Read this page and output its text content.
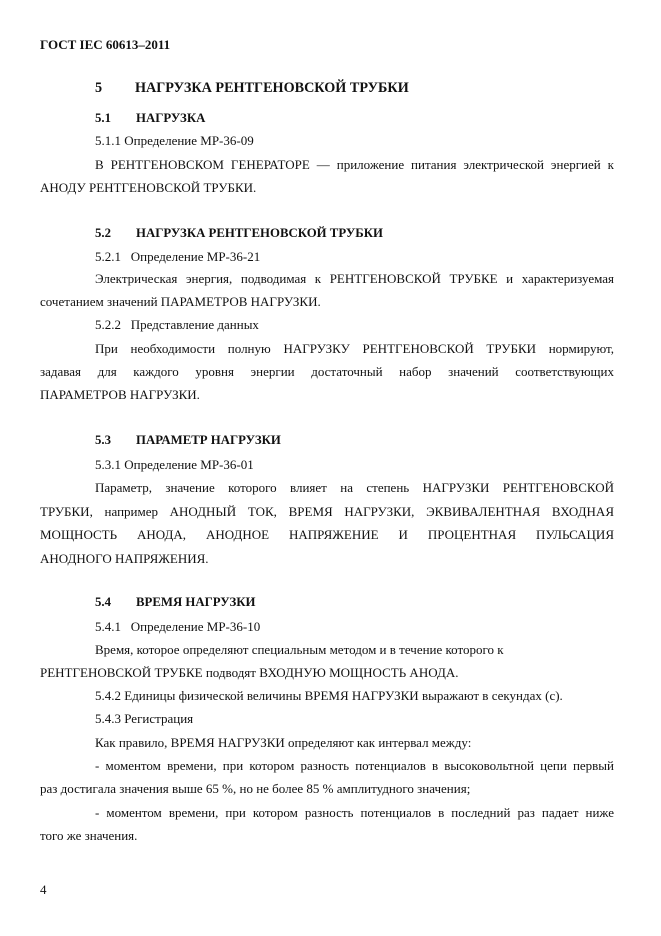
ГОСТ IEC 60613–2011
5 НАГРУЗКА РЕНТГЕНОВСКОЙ ТРУБКИ
5.1 НАГРУЗКА
5.1.1 Определение МР-36-09
В РЕНТГЕНОВСКОМ ГЕНЕРАТОРЕ — приложение питания электрической энергией к
АНОДУ РЕНТГЕНОВСКОЙ ТРУБКИ.
5.2 НАГРУЗКА РЕНТГЕНОВСКОЙ ТРУБКИ
5.2.1   Определение МР-36-21
Электрическая энергия, подводимая к РЕНТГЕНОВСКОЙ ТРУБКЕ и характеризуемая
сочетанием значений ПАРАМЕТРОВ НАГРУЗКИ.
5.2.2   Представление данных
При необходимости полную НАГРУЗКУ РЕНТГЕНОВСКОЙ ТРУБКИ нормируют,
задавая для каждого уровня энергии достаточный набор значений соответствующих
ПАРАМЕТРОВ НАГРУЗКИ.
5.3 ПАРАМЕТР НАГРУЗКИ
5.3.1 Определение МР-36-01
Параметр, значение которого влияет на степень НАГРУЗКИ РЕНТГЕНОВСКОЙ
ТРУБКИ, например АНОДНЫЙ ТОК, ВРЕМЯ НАГРУЗКИ, ЭКВИВАЛЕНТНАЯ ВХОДНАЯ
МОЩНОСТЬ АНОДА, АНОДНОЕ НАПРЯЖЕНИЕ И ПРОЦЕНТНАЯ ПУЛЬСАЦИЯ
АНОДНОГО НАПРЯЖЕНИЯ.
5.4 ВРЕМЯ НАГРУЗКИ
5.4.1   Определение МР-36-10
Время, которое определяют специальным методом и в течение которого к
РЕНТГЕНОВСКОЙ ТРУБКЕ подводят ВХОДНУЮ МОЩНОСТЬ АНОДА.
5.4.2 Единицы физической величины ВРЕМЯ НАГРУЗКИ выражают в секундах (с).
5.4.3 Регистрация
Как правило, ВРЕМЯ НАГРУЗКИ определяют как интервал между:
- моментом времени, при котором разность потенциалов в высоковольтной цепи первый
раз достигала значения выше 65 %, но не более 85 % амплитудного значения;
- моментом времени, при котором разность потенциалов в последний раз падает ниже
того же значения.
4
